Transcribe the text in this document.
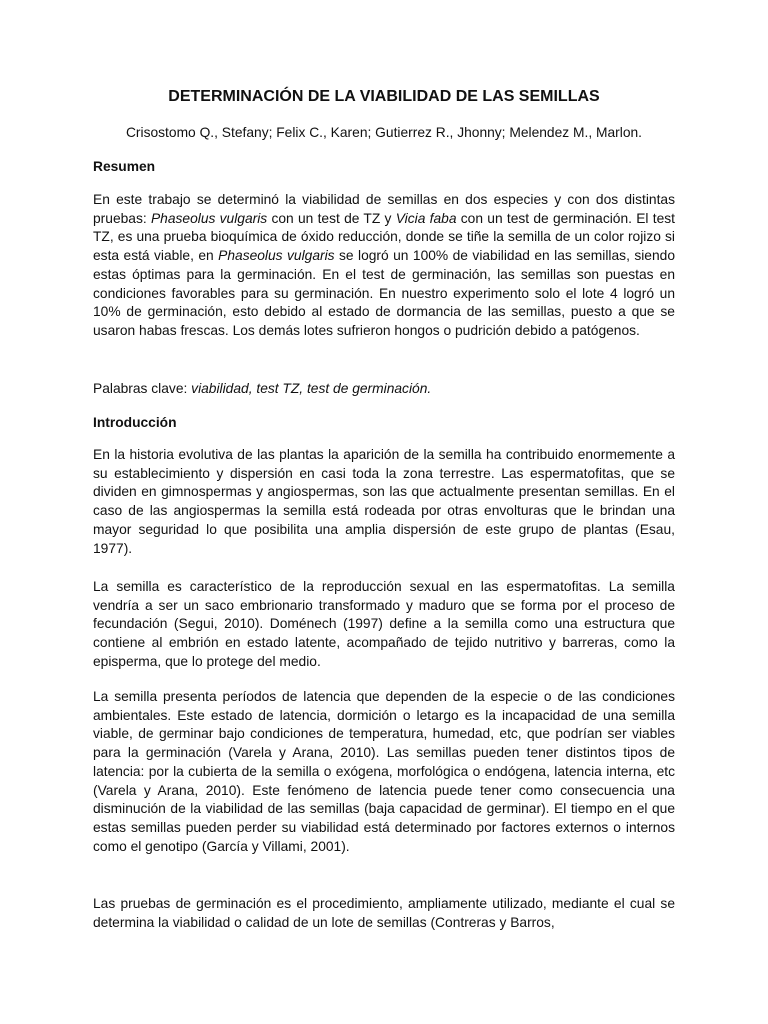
DETERMINACIÓN DE LA VIABILIDAD DE LAS SEMILLAS
Crisostomo Q., Stefany; Felix C., Karen; Gutierrez R., Jhonny; Melendez M., Marlon.
Resumen

En este trabajo se determinó la viabilidad de semillas en dos especies y con dos distintas pruebas: Phaseolus vulgaris con un test de TZ y Vicia faba con un test de germinación. El test TZ, es una prueba bioquímica de óxido reducción, donde se tiñe la semilla de un color rojizo si esta está viable, en Phaseolus vulgaris se logró un 100% de viabilidad en las semillas, siendo estas óptimas para la germinación. En el test de germinación, las semillas son puestas en condiciones favorables para su germinación. En nuestro experimento solo el lote 4 logró un 10% de germinación, esto debido al estado de dormancia de las semillas, puesto a que se usaron habas frescas. Los demás lotes sufrieron hongos o pudrición debido a patógenos.

Palabras clave: viabilidad, test TZ, test de germinación.

Introducción

En la historia evolutiva de las plantas la aparición de la semilla ha contribuido enormemente a su establecimiento y dispersión en casi toda la zona terrestre. Las espermatofitas, que se dividen en gimnospermas y angiospermas, son las que actualmente presentan semillas. En el caso de las angiospermas la semilla está rodeada por otras envolturas que le brindan una mayor seguridad lo que posibilita una amplia dispersión de este grupo de plantas (Esau, 1977).

La semilla es característico de la reproducción sexual en las espermatofitas. La semilla vendría a ser un saco embrionario transformado y maduro que se forma por el proceso de fecundación (Segui, 2010). Doménech (1997) define a la semilla como una estructura que contiene al embrión en estado latente, acompañado de tejido nutritivo y barreras, como la episperma, que lo protege del medio.

La semilla presenta períodos de latencia que dependen de la especie o de las condiciones ambientales. Este estado de latencia, dormición o letargo es la incapacidad de una semilla viable, de germinar bajo condiciones de temperatura, humedad, etc, que podrían ser viables para la germinación (Varela y Arana, 2010). Las semillas pueden tener distintos tipos de latencia: por la cubierta de la semilla o exógena, morfológica o endógena, latencia interna, etc (Varela y Arana, 2010). Este fenómeno de latencia puede tener como consecuencia una disminución de la viabilidad de las semillas (baja capacidad de germinar). El tiempo en el que estas semillas pueden perder su viabilidad está determinado por factores externos o internos como el genotipo (García y Villami, 2001).

Las pruebas de germinación es el procedimiento, ampliamente utilizado, mediante el cual se determina la viabilidad o calidad de un lote de semillas (Contreras y Barros,
